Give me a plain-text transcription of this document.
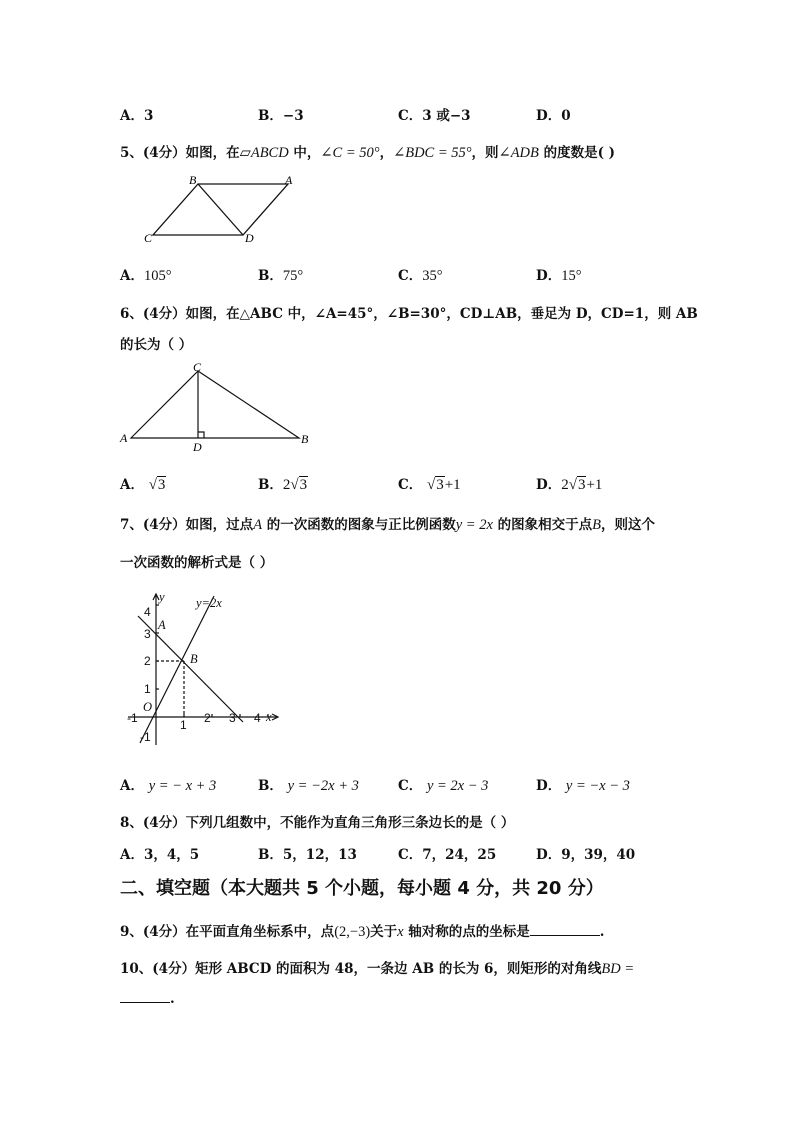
A．3	B．−3	C．3 或−3	D．0
5、(4分）如图，在▱ABCD 中，∠C = 50°，∠BDC = 55°，则∠ADB 的度数是( )
B	A
C	D
A．105°	B．75°	C．35°	D．15°
6、(4分）如图，在△ABC 中，∠A=45°，∠B=30°，CD⊥AB，垂足为 D，CD=1，则 AB
的长为（ ）
C
A	B
D
A． √3	B．2√3	C． √3+1	D．2√3+1
7、(4分）如图，过点A 的一次函数的图象与正比例函数y = 2x 的图象相交于点B，则这个
一次函数的解析式是（ ）
-1	1 2 3 4
4
3
2
1
-1
y=2x
y
x
O
A
B
A． y = − x + 3	B． y = −2x + 3	C． y = 2x − 3	D． y = −x − 3
8、(4分）下列几组数中，不能作为直角三角形三条边长的是（ ）
A．3，4，5	B．5，12，13	C．7，24，25	D．9，39，40
二、填空题（本大题共 5 个小题，每小题 4 分，共 20 分）
9、(4分）在平面直角坐标系中，点(2,−3)关于x 轴对称的点的坐标是	.
10、(4分）矩形 ABCD 的面积为 48，一条边 AB 的长为 6，则矩形的对角线BD =
.
